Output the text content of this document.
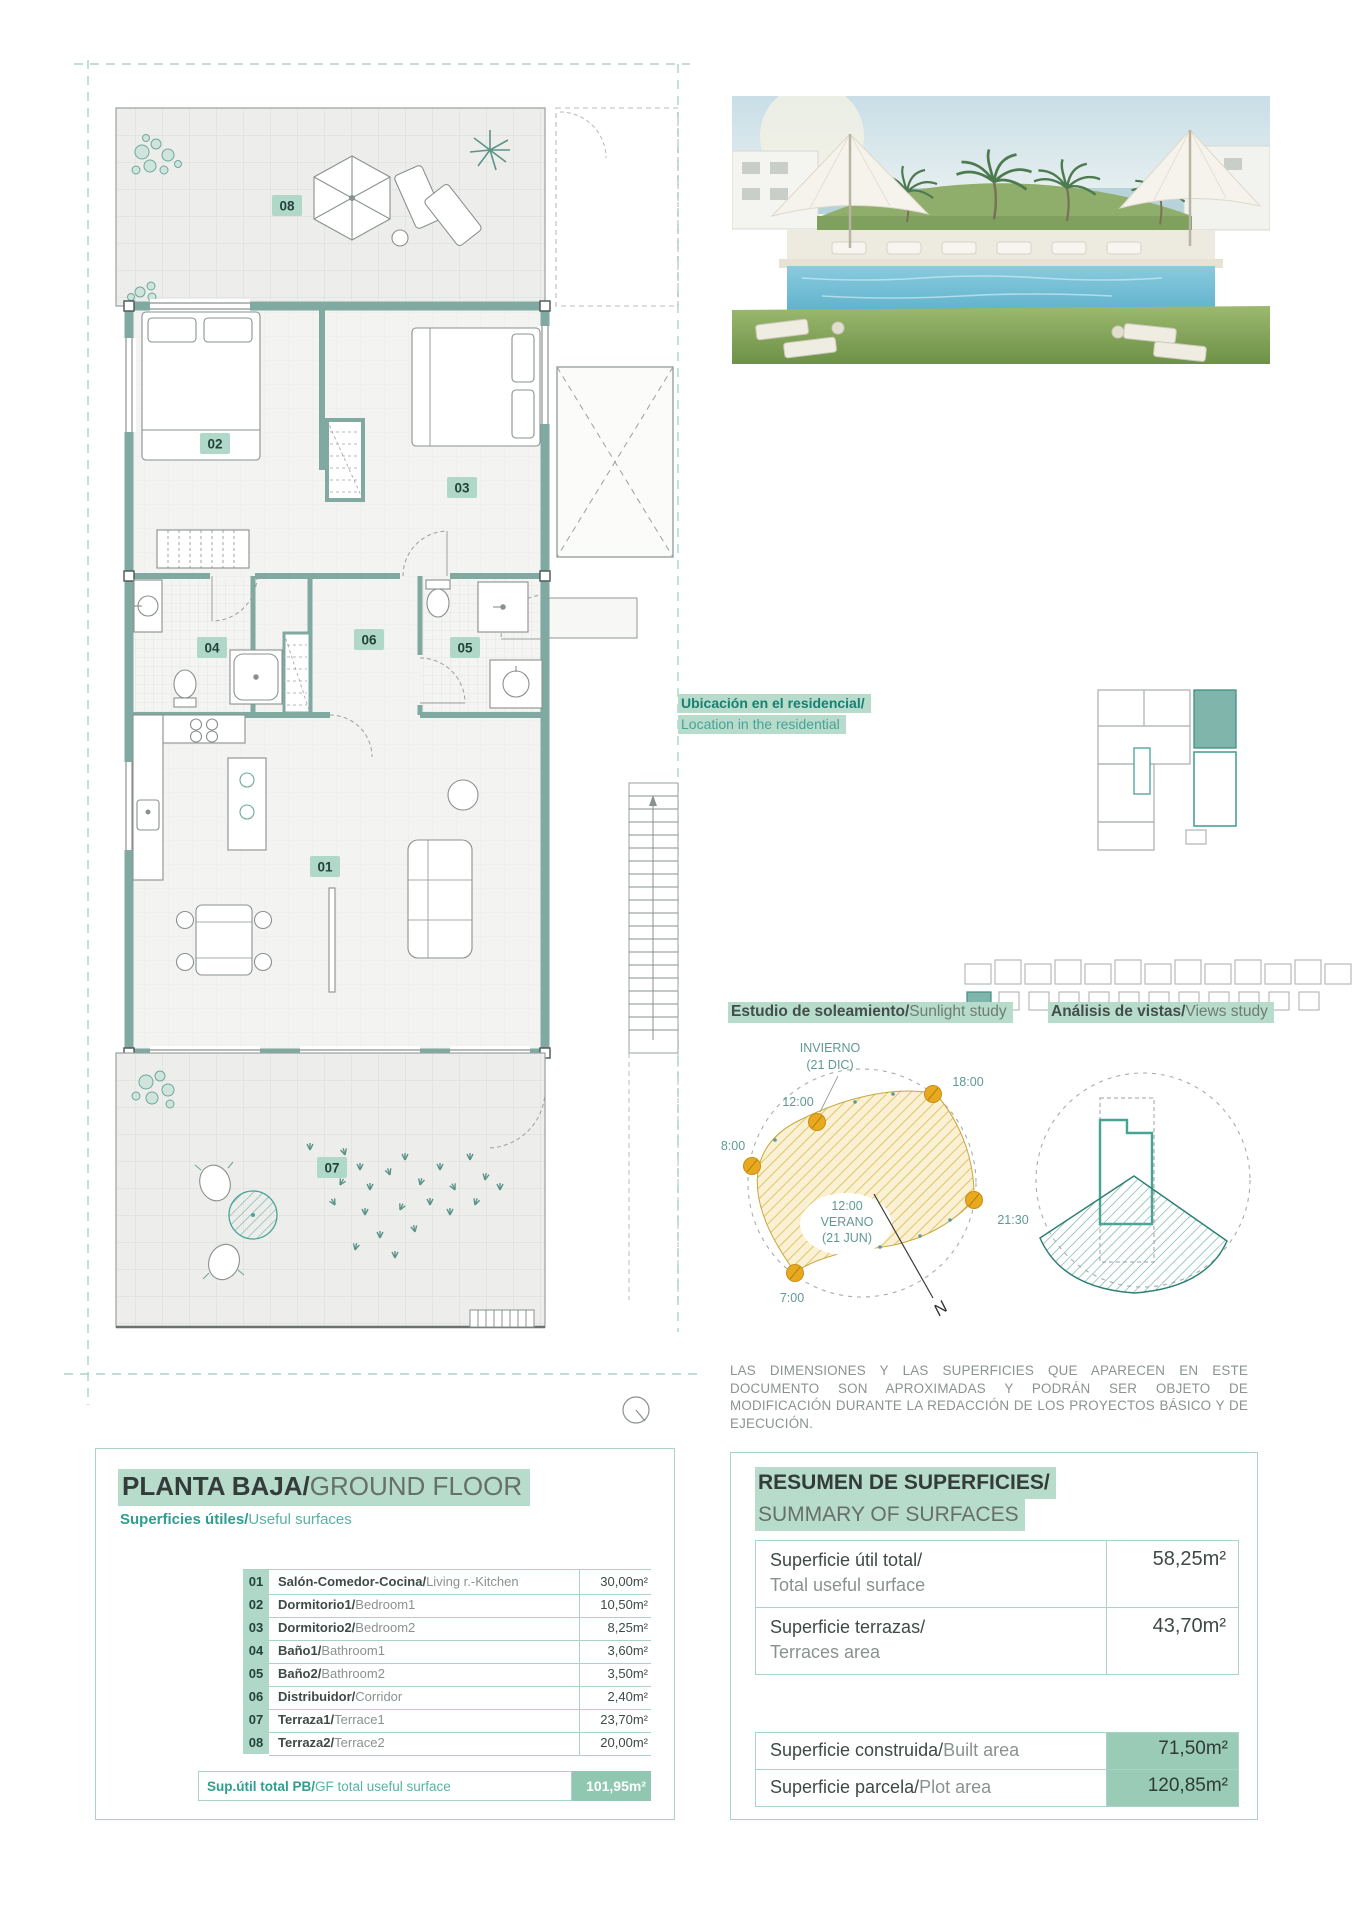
08
02
03
04
06
05
01
07
Ubicación en el residencial/
Location in the residential
Estudio de soleamiento/Sunlight study	Análisis de vistas/Views study
INVIERNO
(21 DIC)
12:00
18:00
8:00
21:30
7:00
12:00
VERANO
(21 JUN)
N
LAS DIMENSIONES Y LAS SUPERFICIES QUE APARECEN EN ESTE DOCUMENTO SON APROXIMADAS Y PODRÁN SER OBJETO DE MODIFICACIÓN DURANTE LA REDACCIÓN DE LOS PROYECTOS BÁSICO Y DE EJECUCIÓN.
PLANTA BAJA/GROUND FLOOR
Superficies útiles/Useful surfaces
01	Salón-Comedor-Cocina/Living r.-Kitchen	30,00m²
02	Dormitorio1/Bedroom1	10,50m²
03	Dormitorio2/Bedroom2	8,25m²
04	Baño1/Bathroom1	3,60m²
05	Baño2/Bathroom2	3,50m²
06	Distribuidor/Corridor	2,40m²
07	Terraza1/Terrace1	23,70m²
08	Terraza2/Terrace2	20,00m²
Sup.útil total PB/ GF total useful surface	101,95m²
RESUMEN DE SUPERFICIES/
SUMMARY OF SURFACES
Superficie útil total/
Total useful surface
58,25m²
Superficie terrazas/
Terraces area
43,70m²
Superficie construida/Built area	71,50m²
Superficie parcela/Plot area	120,85m²
